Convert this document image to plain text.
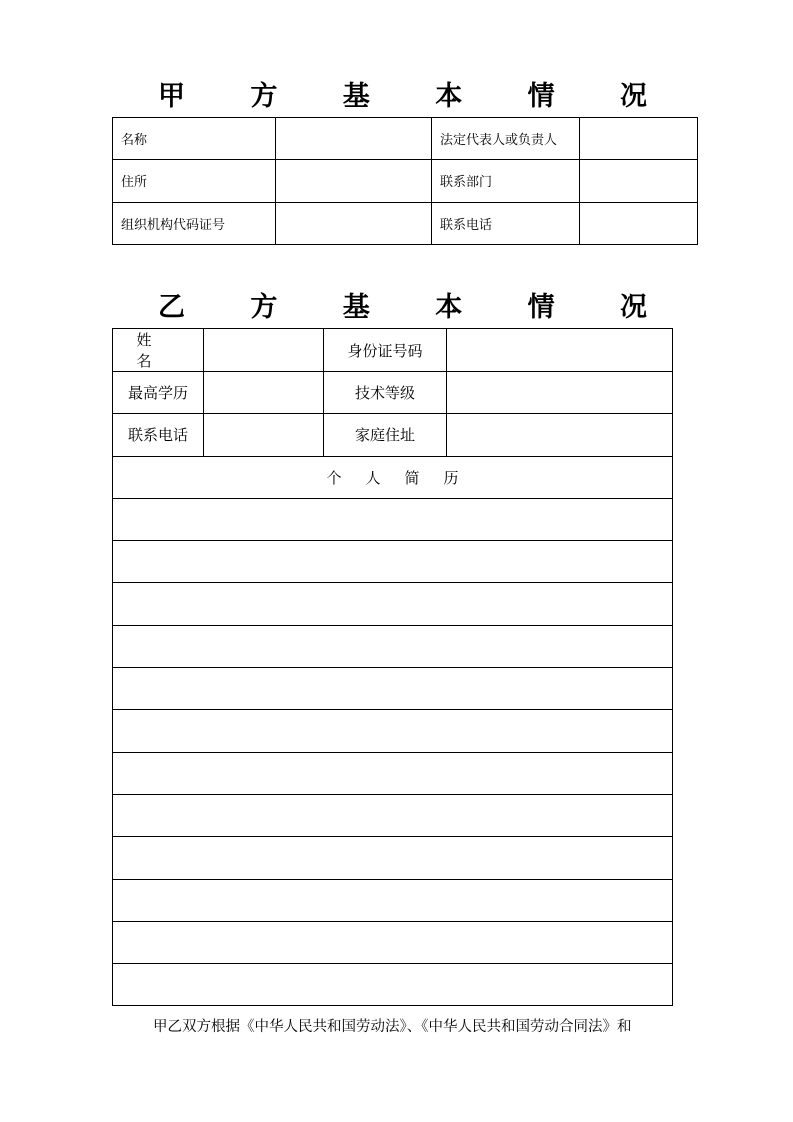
甲 方 基 本 情 况
名称		法定代表人或负责人	
住所		联系部门	
组织机构代码证号		联系电话	
乙 方 基 本 情 况
姓名		身份证号码	
最高学历		技术等级	
联系电话		家庭住址	
个人简历			

甲乙双方根据《中华人民共和国劳动法》、《中华人民共和国劳动合同法》和
